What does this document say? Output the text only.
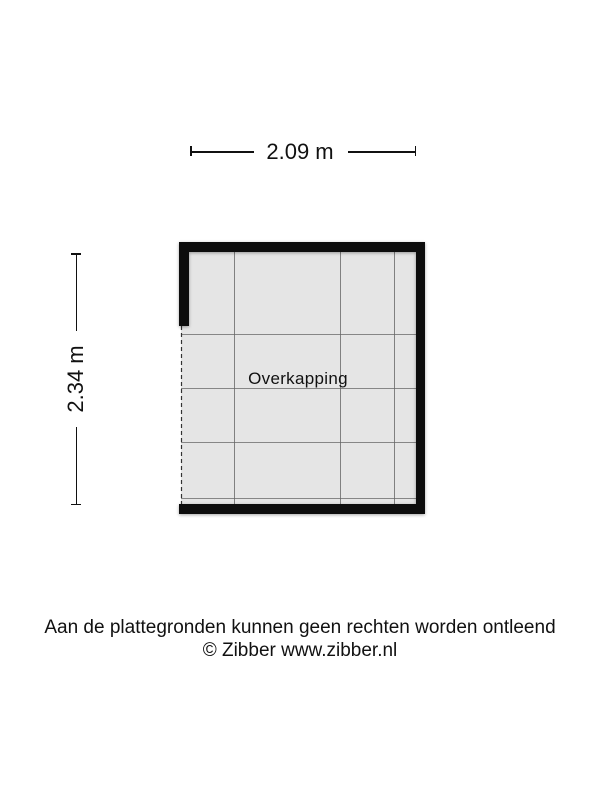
2.09 m
2.34 m	Overkapping
Aan de plattegronden kunnen geen rechten worden ontleend
© Zibber www.zibber.nl
